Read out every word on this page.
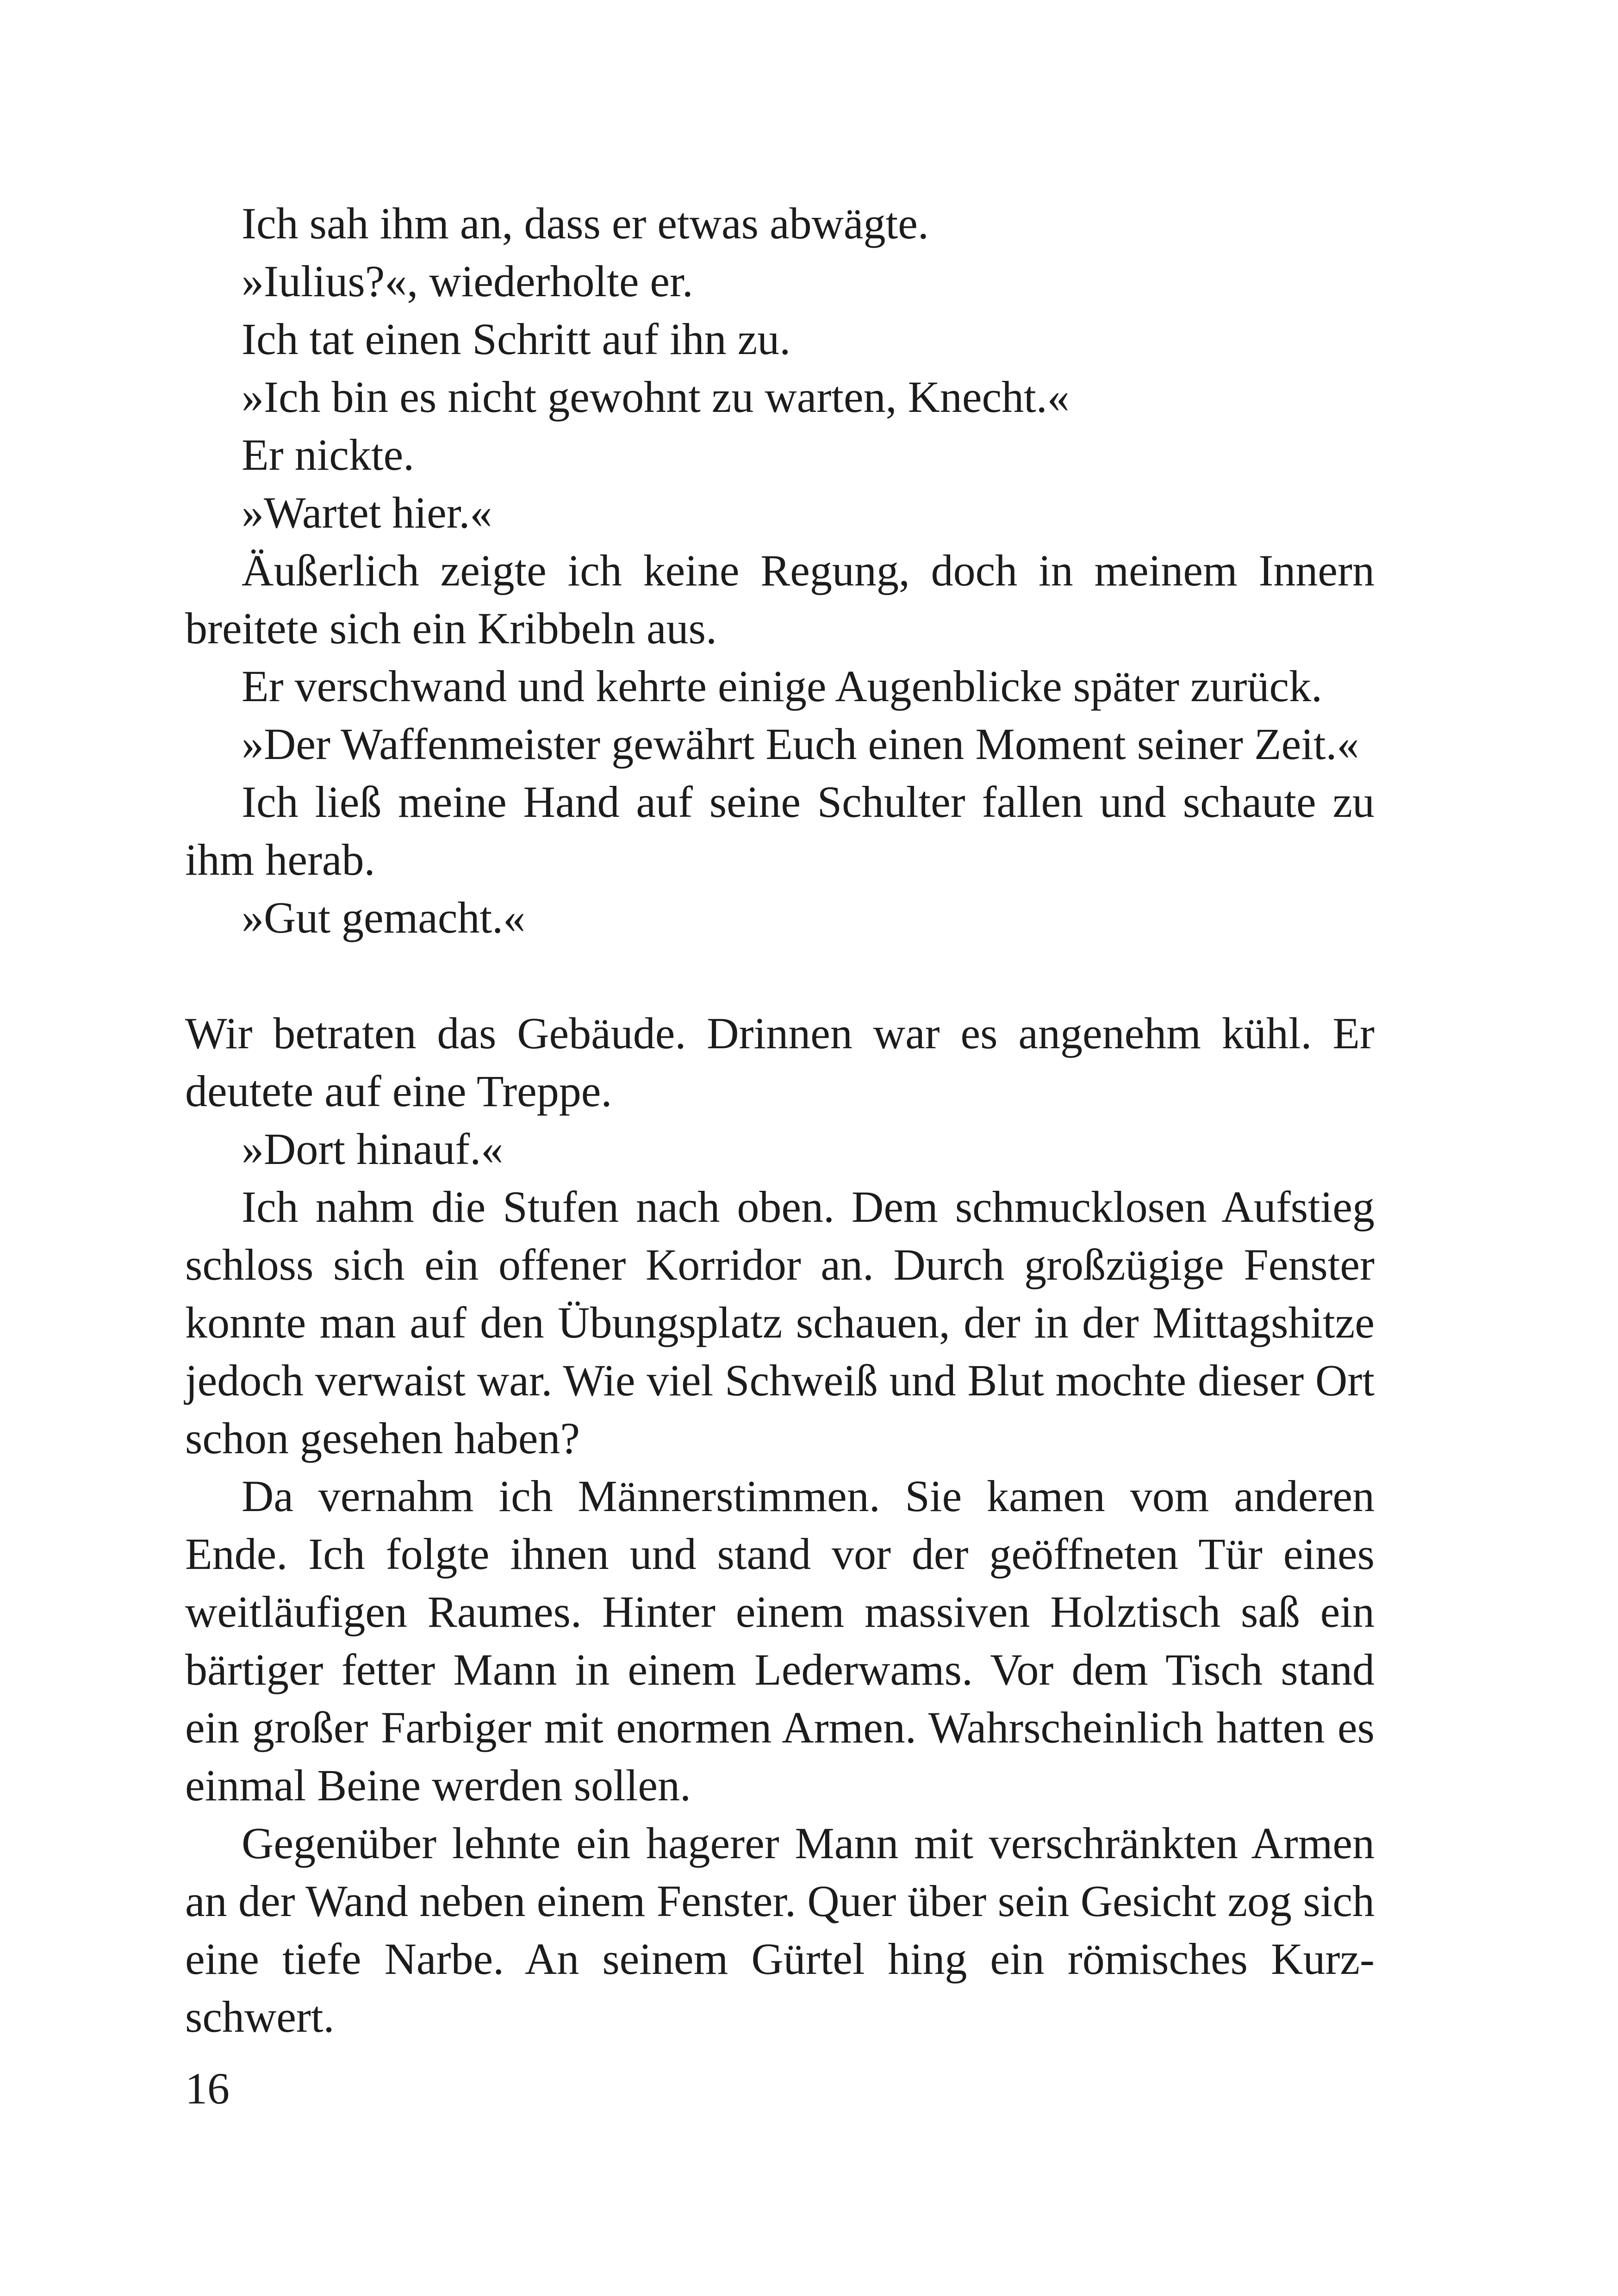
Ich sah ihm an, dass er etwas abwägte.

»Iulius?«, wiederholte er.

Ich tat einen Schritt auf ihn zu.

»Ich bin es nicht gewohnt zu warten, Knecht.«

Er nickte.

»Wartet hier.«

Äußerlich zeigte ich keine Regung, doch in meinem Innern breitete sich ein Kribbeln aus.

Er verschwand und kehrte einige Augenblicke später zurück.

»Der Waffenmeister gewährt Euch einen Moment seiner Zeit.«

Ich ließ meine Hand auf seine Schulter fallen und schaute zu ihm herab.

»Gut gemacht.«

Wir betraten das Gebäude. Drinnen war es angenehm kühl. Er deutete auf eine Treppe.

»Dort hinauf.«

Ich nahm die Stufen nach oben. Dem schmucklosen Aufstieg schloss sich ein offener Korridor an. Durch großzügige Fenster konnte man auf den Übungsplatz schauen, der in der Mittagshitze jedoch verwaist war. Wie viel Schweiß und Blut mochte dieser Ort schon gesehen haben?

Da vernahm ich Männerstimmen. Sie kamen vom anderen Ende. Ich folgte ihnen und stand vor der geöffneten Tür eines weitläufigen Raumes. Hinter einem massiven Holztisch saß ein bärtiger fetter Mann in einem Lederwams. Vor dem Tisch stand ein großer Farbiger mit enormen Armen. Wahrscheinlich hatten es einmal Beine werden sollen.

Gegenüber lehnte ein hagerer Mann mit verschränkten Armen an der Wand neben einem Fenster. Quer über sein Gesicht zog sich eine tiefe Narbe. An seinem Gürtel hing ein römisches Kurzschwert.

16
